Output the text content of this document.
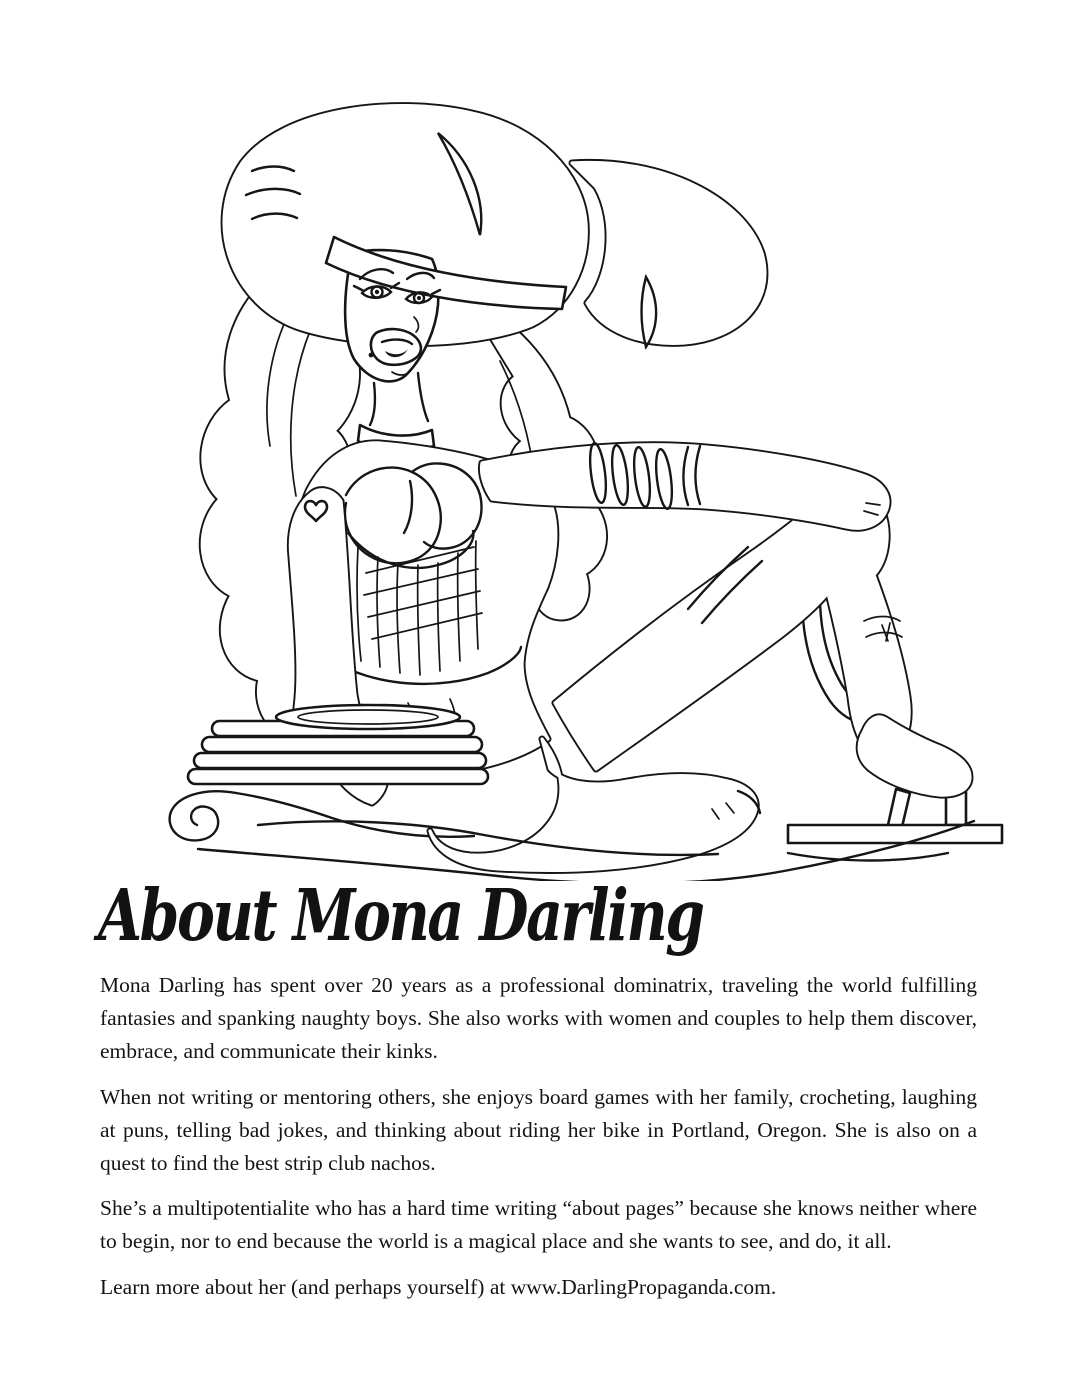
About Mona Darling

Mona Darling has spent over 20 years as a professional dominatrix, traveling the world fulfilling fantasies and spanking naughty boys. She also works with women and couples to help them discover, embrace, and communicate their kinks.

When not writing or mentoring others, she enjoys board games with her family, crocheting, laughing at puns, telling bad jokes, and thinking about riding her bike in Portland, Oregon. She is also on a quest to find the best strip club nachos.

She’s a multipotentialite who has a hard time writing “about pages” because she knows neither where to begin, nor to end because the world is a magical place and she wants to see, and do, it all.

Learn more about her (and perhaps yourself) at www.DarlingPropaganda.com.
